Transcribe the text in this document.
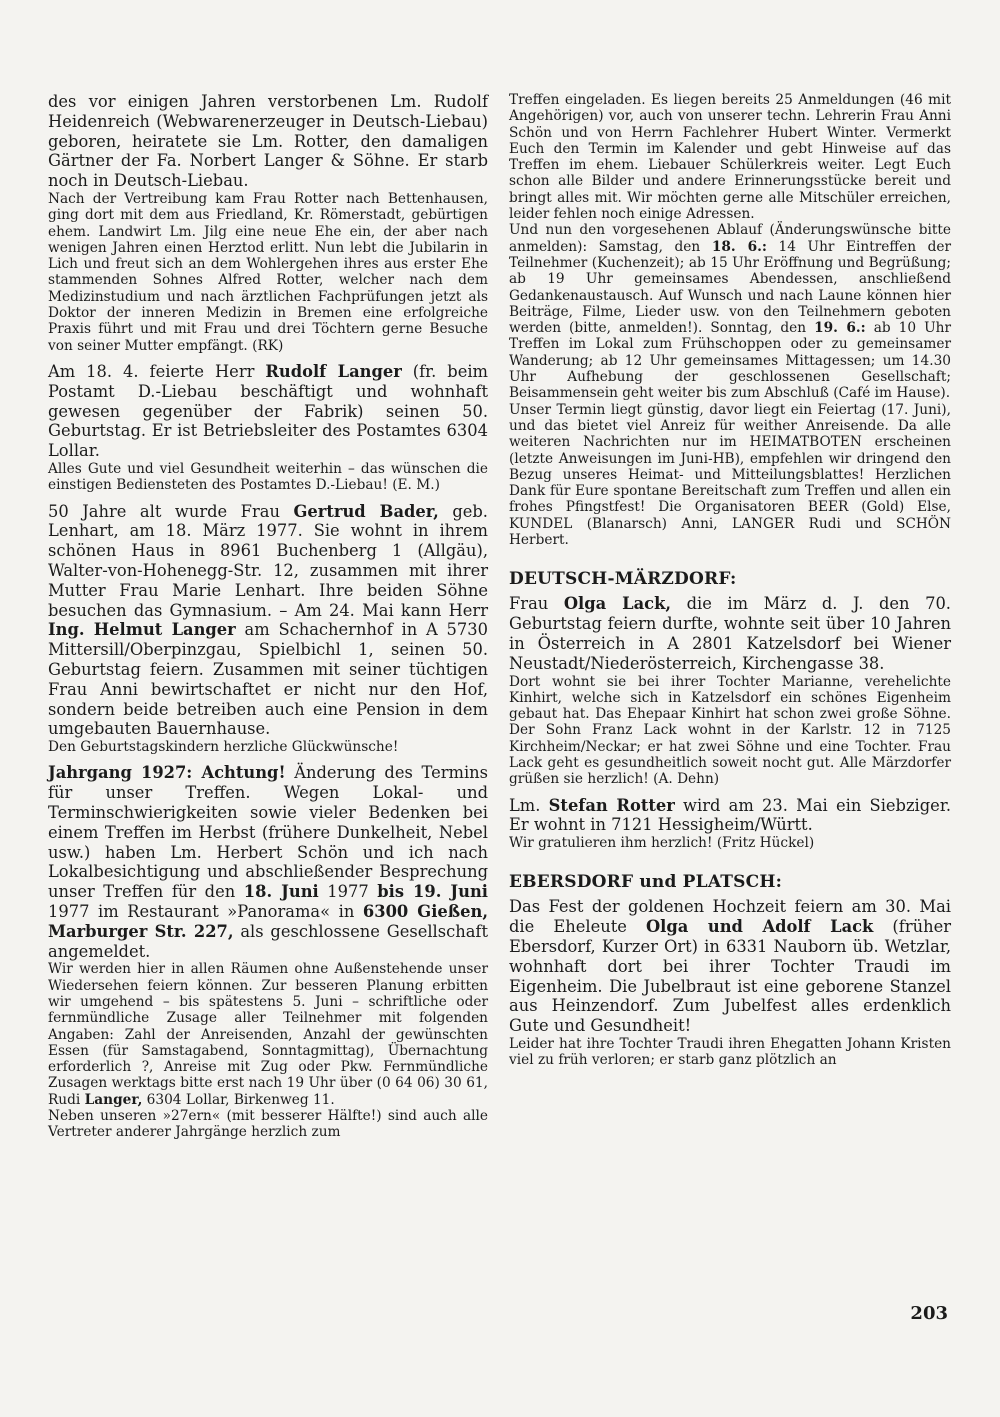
des vor einigen Jahren verstorbenen Lm. Rudolf Heidenreich (Webwarenerzeuger in Deutsch-Liebau) geboren, heiratete sie Lm. Rotter, den damaligen Gärtner der Fa. Norbert Langer & Söhne. Er starb noch in Deutsch-Liebau.

Nach der Vertreibung kam Frau Rotter nach Bettenhausen, ging dort mit dem aus Friedland, Kr. Römerstadt, gebürtigen ehem. Landwirt Lm. Jilg eine neue Ehe ein, der aber nach wenigen Jahren einen Herztod erlitt. Nun lebt die Jubilarin in Lich und freut sich an dem Wohlergehen ihres aus erster Ehe stammenden Sohnes Alfred Rotter, welcher nach dem Medizinstudium und nach ärztlichen Fachprüfungen jetzt als Doktor der inneren Medizin in Bremen eine erfolgreiche Praxis führt und mit Frau und drei Töchtern gerne Besuche von seiner Mutter empfängt. (RK)

Am 18. 4. feierte Herr Rudolf Langer (fr. beim Postamt D.-Liebau beschäftigt und wohnhaft gewesen gegenüber der Fabrik) seinen 50. Geburtstag. Er ist Betriebsleiter des Postamtes 6304 Lollar.

Alles Gute und viel Gesundheit weiterhin – das wünschen die einstigen Bediensteten des Postamtes D.-Liebau! (E. M.)

50 Jahre alt wurde Frau Gertrud Bader, geb. Lenhart, am 18. März 1977. Sie wohnt in ihrem schönen Haus in 8961 Buchenberg 1 (Allgäu), Walter-von-Hohenegg-Str. 12, zusammen mit ihrer Mutter Frau Marie Lenhart. Ihre beiden Söhne besuchen das Gymnasium. – Am 24. Mai kann Herr Ing. Helmut Langer am Schachernhof in A 5730 Mittersill/Oberpinzgau, Spielbichl 1, seinen 50. Geburtstag feiern. Zusammen mit seiner tüchtigen Frau Anni bewirtschaftet er nicht nur den Hof, sondern beide betreiben auch eine Pension in dem umgebauten Bauernhause.

Den Geburtstagskindern herzliche Glückwünsche!

Jahrgang 1927: Achtung! Änderung des Termins für unser Treffen. Wegen Lokal- und Terminschwierigkeiten sowie vieler Bedenken bei einem Treffen im Herbst (frühere Dunkelheit, Nebel usw.) haben Lm. Herbert Schön und ich nach Lokalbesichtigung und abschließender Besprechung unser Treffen für den 18. Juni 1977 bis 19. Juni 1977 im Restaurant »Panorama« in 6300 Gießen, Marburger Str. 227, als geschlossene Gesellschaft angemeldet.

Wir werden hier in allen Räumen ohne Außenstehende unser Wiedersehen feiern können. Zur besseren Planung erbitten wir umgehend – bis spätestens 5. Juni – schriftliche oder fernmündliche Zusage aller Teilnehmer mit folgenden Angaben: Zahl der Anreisenden, Anzahl der gewünschten Essen (für Samstagabend, Sonntagmittag), Übernachtung erforderlich ?, Anreise mit Zug oder Pkw. Fernmündliche Zusagen werktags bitte erst nach 19 Uhr über (0 64 06) 30 61, Rudi Langer, 6304 Lollar, Birkenweg 11.

Neben unseren »27ern« (mit besserer Hälfte!) sind auch alle Vertreter anderer Jahrgänge herzlich zum

Treffen eingeladen. Es liegen bereits 25 Anmeldungen (46 mit Angehörigen) vor, auch von unserer techn. Lehrerin Frau Anni Schön und von Herrn Fachlehrer Hubert Winter. Vermerkt Euch den Termin im Kalender und gebt Hinweise auf das Treffen im ehem. Liebauer Schülerkreis weiter. Legt Euch schon alle Bilder und andere Erinnerungsstücke bereit und bringt alles mit. Wir möchten gerne alle Mitschüler erreichen, leider fehlen noch einige Adressen.

Und nun den vorgesehenen Ablauf (Änderungswünsche bitte anmelden): Samstag, den 18. 6.: 14 Uhr Eintreffen der Teilnehmer (Kuchenzeit); ab 15 Uhr Eröffnung und Begrüßung; ab 19 Uhr gemeinsames Abendessen, anschließend Gedankenaustausch. Auf Wunsch und nach Laune können hier Beiträge, Filme, Lieder usw. von den Teilnehmern geboten werden (bitte, anmelden!). Sonntag, den 19. 6.: ab 10 Uhr Treffen im Lokal zum Frühschoppen oder zu gemeinsamer Wanderung; ab 12 Uhr gemeinsames Mittagessen; um 14.30 Uhr Aufhebung der geschlossenen Gesellschaft; Beisammensein geht weiter bis zum Abschluß (Café im Hause).

Unser Termin liegt günstig, davor liegt ein Feiertag (17. Juni), und das bietet viel Anreiz für weither Anreisende. Da alle weiteren Nachrichten nur im HEIMATBOTEN erscheinen (letzte Anweisungen im Juni-HB), empfehlen wir dringend den Bezug unseres Heimat- und Mitteilungsblattes! Herzlichen Dank für Eure spontane Bereitschaft zum Treffen und allen ein frohes Pfingstfest! Die Organisatoren BEER (Gold) Else, KUNDEL (Blanarsch) Anni, LANGER Rudi und SCHÖN Herbert.

DEUTSCH-MÄRZDORF:

Frau Olga Lack, die im März d. J. den 70. Geburtstag feiern durfte, wohnte seit über 10 Jahren in Österreich in A 2801 Katzelsdorf bei Wiener Neustadt/Niederösterreich, Kirchengasse 38.

Dort wohnt sie bei ihrer Tochter Marianne, verehelichte Kinhirt, welche sich in Katzelsdorf ein schönes Eigenheim gebaut hat. Das Ehepaar Kinhirt hat schon zwei große Söhne. Der Sohn Franz Lack wohnt in der Karlstr. 12 in 7125 Kirchheim/Neckar; er hat zwei Söhne und eine Tochter. Frau Lack geht es gesundheitlich soweit nocht gut. Alle Märzdorfer grüßen sie herzlich! (A. Dehn)

Lm. Stefan Rotter wird am 23. Mai ein Siebziger. Er wohnt in 7121 Hessigheim/Württ.

Wir gratulieren ihm herzlich! (Fritz Hückel)

EBERSDORF und PLATSCH:

Das Fest der goldenen Hochzeit feiern am 30. Mai die Eheleute Olga und Adolf Lack (früher Ebersdorf, Kurzer Ort) in 6331 Nauborn üb. Wetzlar, wohnhaft dort bei ihrer Tochter Traudi im Eigenheim. Die Jubelbraut ist eine geborene Stanzel aus Heinzendorf. Zum Jubelfest alles erdenklich Gute und Gesundheit!

Leider hat ihre Tochter Traudi ihren Ehegatten Johann Kristen viel zu früh verloren; er starb ganz plötzlich an

203
